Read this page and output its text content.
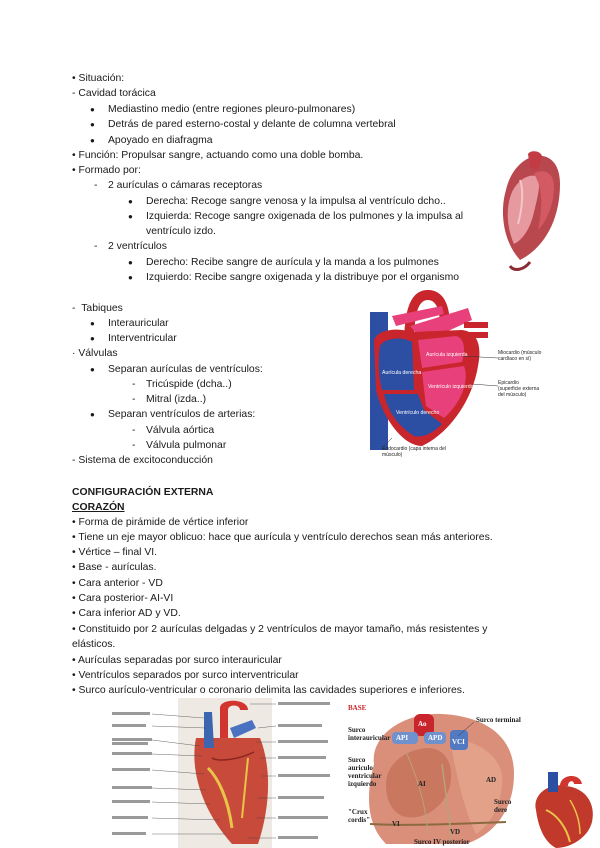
• Situación:
- Cavidad torácica
● Mediastino medio (entre regiones pleuro-pulmonares)
● Detrás de pared esterno-costal y delante de columna vertebral
● Apoyado en diafragma
• Función: Propulsar sangre, actuando como una doble bomba.
• Formado por:
- 2 aurículas o cámaras receptoras
● Derecha: Recoge sangre venosa y la impulsa al ventrículo dcho..
● Izquierda: Recoge sangre oxigenada de los pulmones y la impulsa al
ventrículo izdo.
- 2 ventrículos
● Derecho: Recibe sangre de aurícula y la manda a los pulmones
● Izquierdo: Recibe sangre oxigenada y la distribuye por el organismo
-  Tabiques
● Interauricular
● Interventricular
· Válvulas
● Separan aurículas de ventrículos:
- Tricúspide (dcha..)
- Mitral (izda..)
● Separan ventrículos de arterias:
- Válvula aórtica
- Válvula pulmonar
- Sistema de excitoconducción
CONFIGURACIÓN EXTERNA
CORAZÓN
• Forma de pirámide de vértice inferior
• Tiene un eje mayor oblicuo: hace que aurícula y ventrículo derechos sean más anteriores.
• Vértice – final VI.
• Base - aurículas.
• Cara anterior - VD
• Cara posterior- AI-VI
• Cara inferior AD y VD.
• Constituido por 2 aurículas delgadas y 2 ventrículos de mayor tamaño, más resistentes y
elásticos.
• Aurículas separadas por surco interauricular
• Ventrículos separados por surco interventricular
• Surco aurículo-ventricular o coronario delimita las cavidades superiores e inferiores.
Aurícula derecha
Aurícula izquierda
Ventrículo izquierdo
Ventrículo derecho
Miocardio (músculo cardíaco en sí)
Epicardio (superficie externa del músculo)
Endocardio (capa interna del músculo)
BASE
Surco interauricular
Surco terminal
Surco auriculo ventricular izquierdo
Ao
API	APD VCI
AI	AD
VI
VD
"Crux cordis"
Surco dere
Surco IV posterior
